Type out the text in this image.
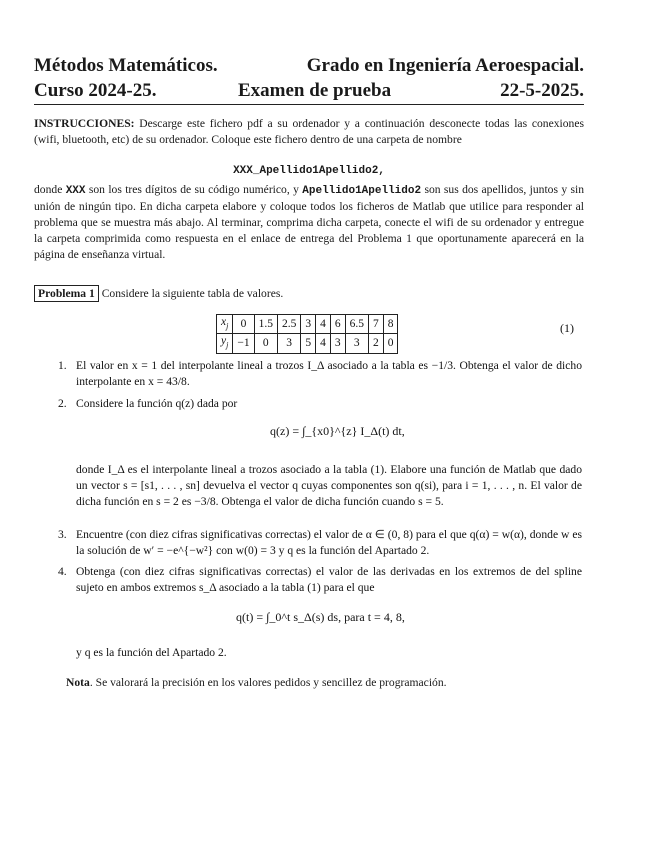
Métodos Matemáticos.	Grado en Ingeniería Aeroespacial.
Curso 2024-25.	Examen de prueba	22-5-2025.
INSTRUCCIONES: Descarge este fichero pdf a su ordenador y a continuación desconecte todas las conexiones (wifi, bluetooth, etc) de su ordenador. Coloque este fichero dentro de una carpeta de nombre
XXX_Apellido1Apellido2,
donde XXX son los tres dígitos de su código numérico, y Apellido1Apellido2 son sus dos apellidos, juntos y sin unión de ningún tipo. En dicha carpeta elabore y coloque todos los ficheros de Matlab que utilice para responder al problema que se muestra más abajo. Al terminar, comprima dicha carpeta, conecte el wifi de su ordenador y entregue la carpeta comprimida como respuesta en el enlace de entrega del Problema 1 que oportunamente aparecerá en la página de enseñanza virtual.
Problema 1 Considere la siguiente tabla de valores.
$x_j$	0	1.5	2.5	3	4	6	6.5	7	8
$y_j$	−1	0	3	5	4	3	3	2	0
(1)
1. El valor en x = 1 del interpolante lineal a trozos I_Δ asociado a la tabla es −1/3. Obtenga el valor de dicho interpolante en x = 43/8.
2. Considere la función q(z) dada por
q(z) = ∫_{x0}^{z} I_Δ(t) dt,
donde I_Δ es el interpolante lineal a trozos asociado a la tabla (1). Elabore una función de Matlab que dado un vector s = [s1, . . . , sn] devuelva el vector q cuyas componentes son q(si), para i = 1, . . . , n. El valor de dicha función en s = 2 es −3/8. Obtenga el valor de dicha función cuando s = 5.
3. Encuentre (con diez cifras significativas correctas) el valor de α ∈ (0, 8) para el que q(α) = w(α), donde w es la solución de w′ = −e^{−w²} con w(0) = 3 y q es la función del Apartado 2.
4. Obtenga (con diez cifras significativas correctas) el valor de las derivadas en los extremos de del spline sujeto en ambos extremos s_Δ asociado a la tabla (1) para el que
q(t) = ∫_0^t s_Δ(s) ds, para t = 4, 8,
y q es la función del Apartado 2.
Nota. Se valorará la precisión en los valores pedidos y sencillez de programación.
